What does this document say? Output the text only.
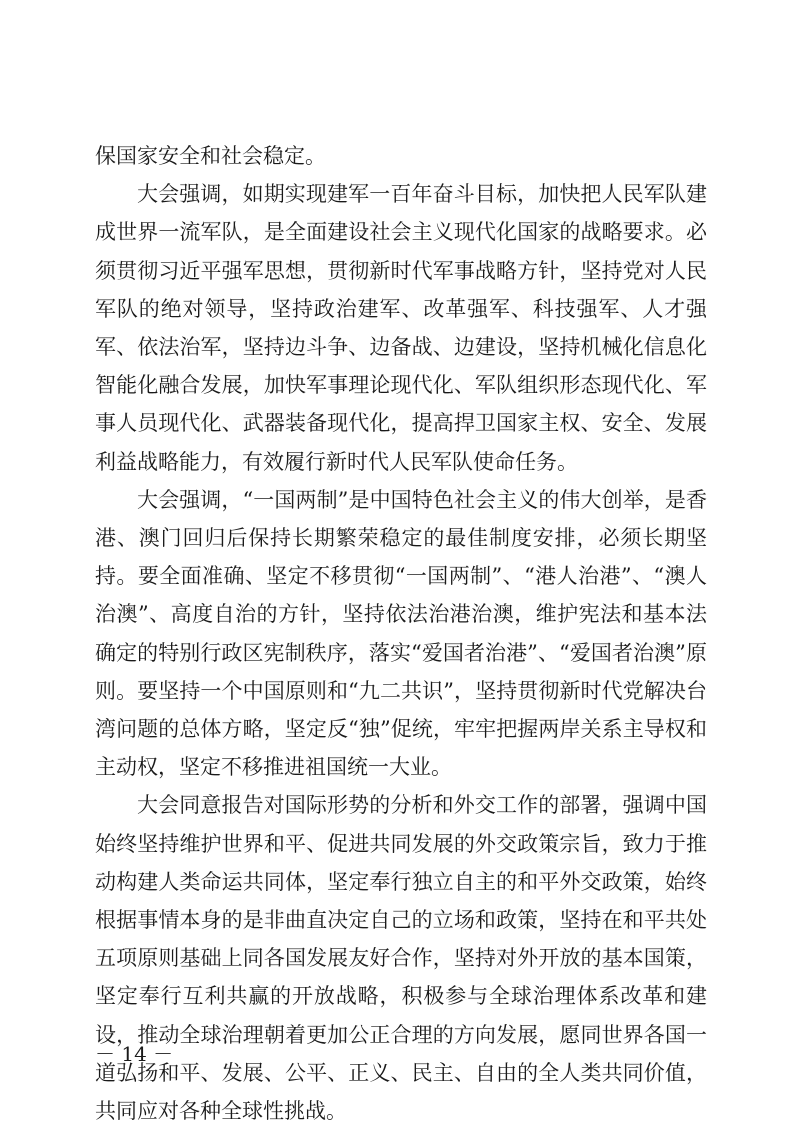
保国家安全和社会稳定。

大会强调，如期实现建军一百年奋斗目标，加快把人民军队建成世界一流军队，是全面建设社会主义现代化国家的战略要求。必须贯彻习近平强军思想，贯彻新时代军事战略方针，坚持党对人民军队的绝对领导，坚持政治建军、改革强军、科技强军、人才强军、依法治军，坚持边斗争、边备战、边建设，坚持机械化信息化智能化融合发展，加快军事理论现代化、军队组织形态现代化、军事人员现代化、武器装备现代化，提高捍卫国家主权、安全、发展利益战略能力，有效履行新时代人民军队使命任务。

大会强调，“一国两制”是中国特色社会主义的伟大创举，是香港、澳门回归后保持长期繁荣稳定的最佳制度安排，必须长期坚持。要全面准确、坚定不移贯彻“一国两制”、“港人治港”、“澳人治澳”、高度自治的方针，坚持依法治港治澳，维护宪法和基本法确定的特别行政区宪制秩序，落实“爱国者治港”、“爱国者治澳”原则。要坚持一个中国原则和“九二共识”，坚持贯彻新时代党解决台湾问题的总体方略，坚定反“独”促统，牢牢把握两岸关系主导权和主动权，坚定不移推进祖国统一大业。

大会同意报告对国际形势的分析和外交工作的部署，强调中国始终坚持维护世界和平、促进共同发展的外交政策宗旨，致力于推动构建人类命运共同体，坚定奉行独立自主的和平外交政策，始终根据事情本身的是非曲直决定自己的立场和政策，坚持在和平共处五项原则基础上同各国发展友好合作，坚持对外开放的基本国策，坚定奉行互利共赢的开放战略，积极参与全球治理体系改革和建设，推动全球治理朝着更加公正合理的方向发展，愿同世界各国一道弘扬和平、发展、公平、正义、民主、自由的全人类共同价值，共同应对各种全球性挑战。

－ 14 －
